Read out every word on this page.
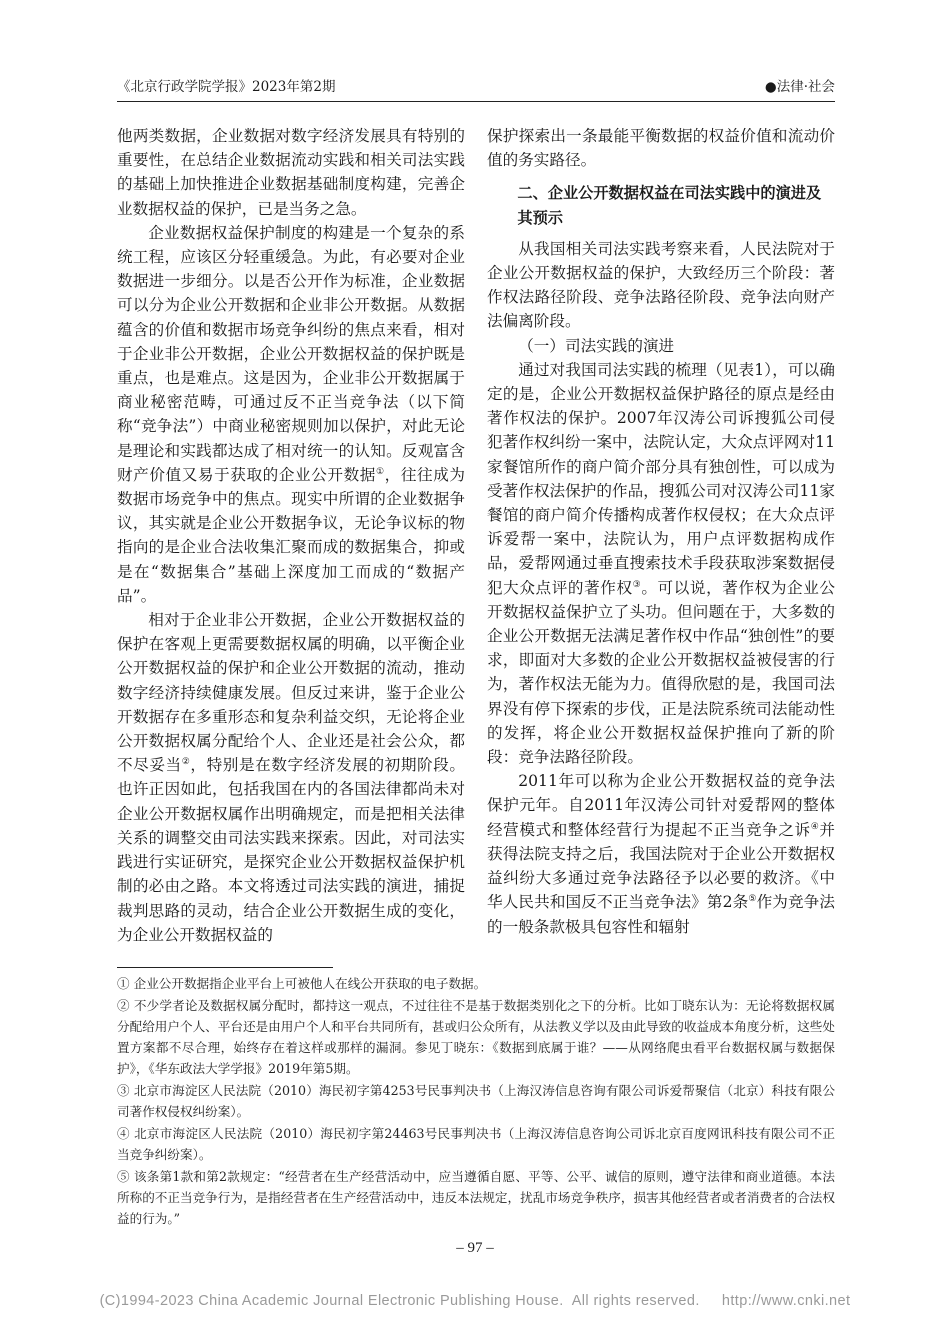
《北京行政学院学报》2023年第2期	●法律·社会

他两类数据，企业数据对数字经济发展具有特别的重要性，在总结企业数据流动实践和相关司法实践的基础上加快推进企业数据基础制度构建，完善企业数据权益的保护，已是当务之急。

企业数据权益保护制度的构建是一个复杂的系统工程，应该区分轻重缓急。为此，有必要对企业数据进一步细分。以是否公开作为标准，企业数据可以分为企业公开数据和企业非公开数据。从数据蕴含的价值和数据市场竞争纠纷的焦点来看，相对于企业非公开数据，企业公开数据权益的保护既是重点，也是难点。这是因为，企业非公开数据属于商业秘密范畴，可通过反不正当竞争法（以下简称“竞争法”）中商业秘密规则加以保护，对此无论是理论和实践都达成了相对统一的认知。反观富含财产价值又易于获取的企业公开数据①，往往成为数据市场竞争中的焦点。现实中所谓的企业数据争议，其实就是企业公开数据争议，无论争议标的物指向的是企业合法收集汇聚而成的数据集合，抑或是在“数据集合”基础上深度加工而成的“数据产品”。

相对于企业非公开数据，企业公开数据权益的保护在客观上更需要数据权属的明确，以平衡企业公开数据权益的保护和企业公开数据的流动，推动数字经济持续健康发展。但反过来讲，鉴于企业公开数据存在多重形态和复杂利益交织，无论将企业公开数据权属分配给个人、企业还是社会公众，都不尽妥当②，特别是在数字经济发展的初期阶段。也许正因如此，包括我国在内的各国法律都尚未对企业公开数据权属作出明确规定，而是把相关法律关系的调整交由司法实践来探索。因此，对司法实践进行实证研究，是探究企业公开数据权益保护机制的必由之路。本文将透过司法实践的演进，捕捉裁判思路的灵动，结合企业公开数据生成的变化，为企业公开数据权益的

保护探索出一条最能平衡数据的权益价值和流动价值的务实路径。

二、企业公开数据权益在司法实践中的演进及其预示

从我国相关司法实践考察来看，人民法院对于企业公开数据权益的保护，大致经历三个阶段：著作权法路径阶段、竞争法路径阶段、竞争法向财产法偏离阶段。

（一）司法实践的演进

通过对我国司法实践的梳理（见表1），可以确定的是，企业公开数据权益保护路径的原点是经由著作权法的保护。2007年汉涛公司诉搜狐公司侵犯著作权纠纷一案中，法院认定，大众点评网对11家餐馆所作的商户简介部分具有独创性，可以成为受著作权法保护的作品，搜狐公司对汉涛公司11家餐馆的商户简介传播构成著作权侵权；在大众点评诉爱帮一案中，法院认为，用户点评数据构成作品，爱帮网通过垂直搜索技术手段获取涉案数据侵犯大众点评的著作权③。可以说，著作权为企业公开数据权益保护立了头功。但问题在于，大多数的企业公开数据无法满足著作权中作品“独创性”的要求，即面对大多数的企业公开数据权益被侵害的行为，著作权法无能为力。值得欣慰的是，我国司法界没有停下探索的步伐，正是法院系统司法能动性的发挥，将企业公开数据权益保护推向了新的阶段：竞争法路径阶段。

2011年可以称为企业公开数据权益的竞争法保护元年。自2011年汉涛公司针对爱帮网的整体经营模式和整体经营行为提起不正当竞争之诉④并获得法院支持之后，我国法院对于企业公开数据权益纠纷大多通过竞争法路径予以必要的救济。《中华人民共和国反不正当竞争法》第2条⑤作为竞争法的一般条款极具包容性和辐射

① 企业公开数据指企业平台上可被他人在线公开获取的电子数据。
② 不少学者论及数据权属分配时，都持这一观点，不过往往不是基于数据类别化之下的分析。比如丁晓东认为：无论将数据权属分配给用户个人、平台还是由用户个人和平台共同所有，甚或归公众所有，从法教义学以及由此导致的收益成本角度分析，这些处置方案都不尽合理，始终存在着这样或那样的漏洞。参见丁晓东：《数据到底属于谁？——从网络爬虫看平台数据权属与数据保护》，《华东政法大学学报》2019年第5期。
③ 北京市海淀区人民法院（2010）海民初字第4253号民事判决书（上海汉涛信息咨询有限公司诉爱帮聚信（北京）科技有限公司著作权侵权纠纷案）。
④ 北京市海淀区人民法院（2010）海民初字第24463号民事判决书（上海汉涛信息咨询公司诉北京百度网讯科技有限公司不正当竞争纠纷案）。
⑤ 该条第1款和第2款规定：“经营者在生产经营活动中，应当遵循自愿、平等、公平、诚信的原则，遵守法律和商业道德。本法所称的不正当竞争行为，是指经营者在生产经营活动中，违反本法规定，扰乱市场竞争秩序，损害其他经营者或者消费者的合法权益的行为。”
– 97 –
(C)1994-2023 China Academic Journal Electronic Publishing House.  All rights reserved.     http://www.cnki.net
